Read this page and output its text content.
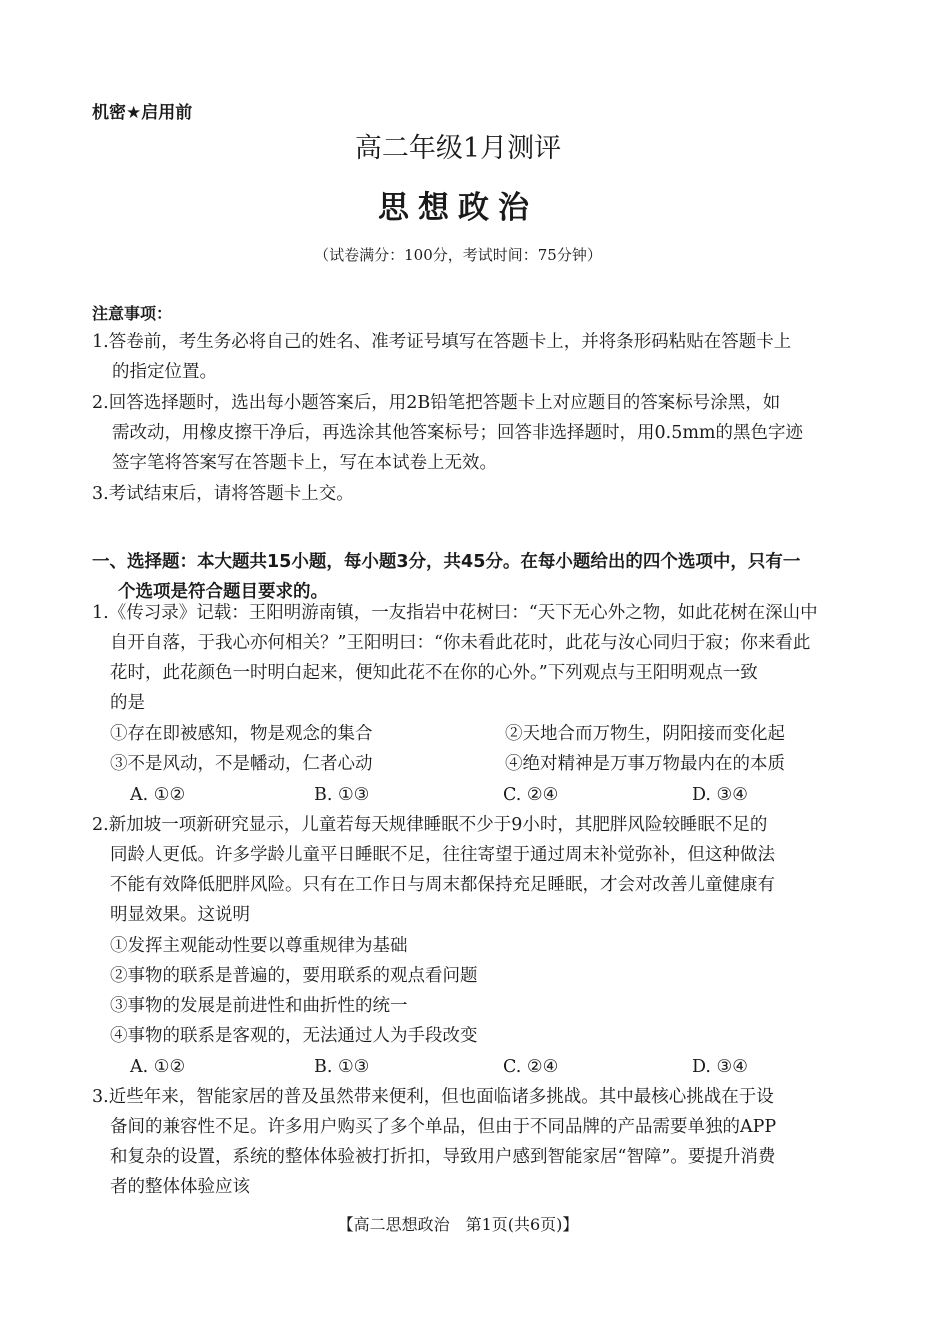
机密★启用前
高二年级1月测评
思想政治
（试卷满分：100分，考试时间：75分钟）
注意事项：
1.答卷前，考生务必将自己的姓名、准考证号填写在答题卡上，并将条形码粘贴在答题卡上
的指定位置。
2.回答选择题时，选出每小题答案后，用2B铅笔把答题卡上对应题目的答案标号涂黑，如
需改动，用橡皮擦干净后，再选涂其他答案标号；回答非选择题时，用0.5mm的黑色字迹
签字笔将答案写在答题卡上，写在本试卷上无效。
3.考试结束后，请将答题卡上交。
一、选择题：本大题共15小题，每小题3分，共45分。在每小题给出的四个选项中，只有一
个选项是符合题目要求的。
1.《传习录》记载：王阳明游南镇，一友指岩中花树曰：“天下无心外之物，如此花树在深山中
自开自落，于我心亦何相关？”王阳明曰：“你未看此花时，此花与汝心同归于寂；你来看此
花时，此花颜色一时明白起来，便知此花不在你的心外。”下列观点与王阳明观点一致
的是
①存在即被感知，物是观念的集合	②天地合而万物生，阴阳接而变化起
③不是风动，不是幡动，仁者心动	④绝对精神是万事万物最内在的本质
A. ①②	B. ①③	C. ②④	D. ③④
2.新加坡一项新研究显示，儿童若每天规律睡眠不少于9小时，其肥胖风险较睡眠不足的
同龄人更低。许多学龄儿童平日睡眠不足，往往寄望于通过周末补觉弥补，但这种做法
不能有效降低肥胖风险。只有在工作日与周末都保持充足睡眠，才会对改善儿童健康有
明显效果。这说明
①发挥主观能动性要以尊重规律为基础
②事物的联系是普遍的，要用联系的观点看问题
③事物的发展是前进性和曲折性的统一
④事物的联系是客观的，无法通过人为手段改变
A. ①②	B. ①③	C. ②④	D. ③④
3.近些年来，智能家居的普及虽然带来便利，但也面临诸多挑战。其中最核心挑战在于设
备间的兼容性不足。许多用户购买了多个单品，但由于不同品牌的产品需要单独的APP
和复杂的设置，系统的整体体验被打折扣，导致用户感到智能家居“智障”。要提升消费
者的整体体验应该
【高二思想政治　第1页(共6页)】
